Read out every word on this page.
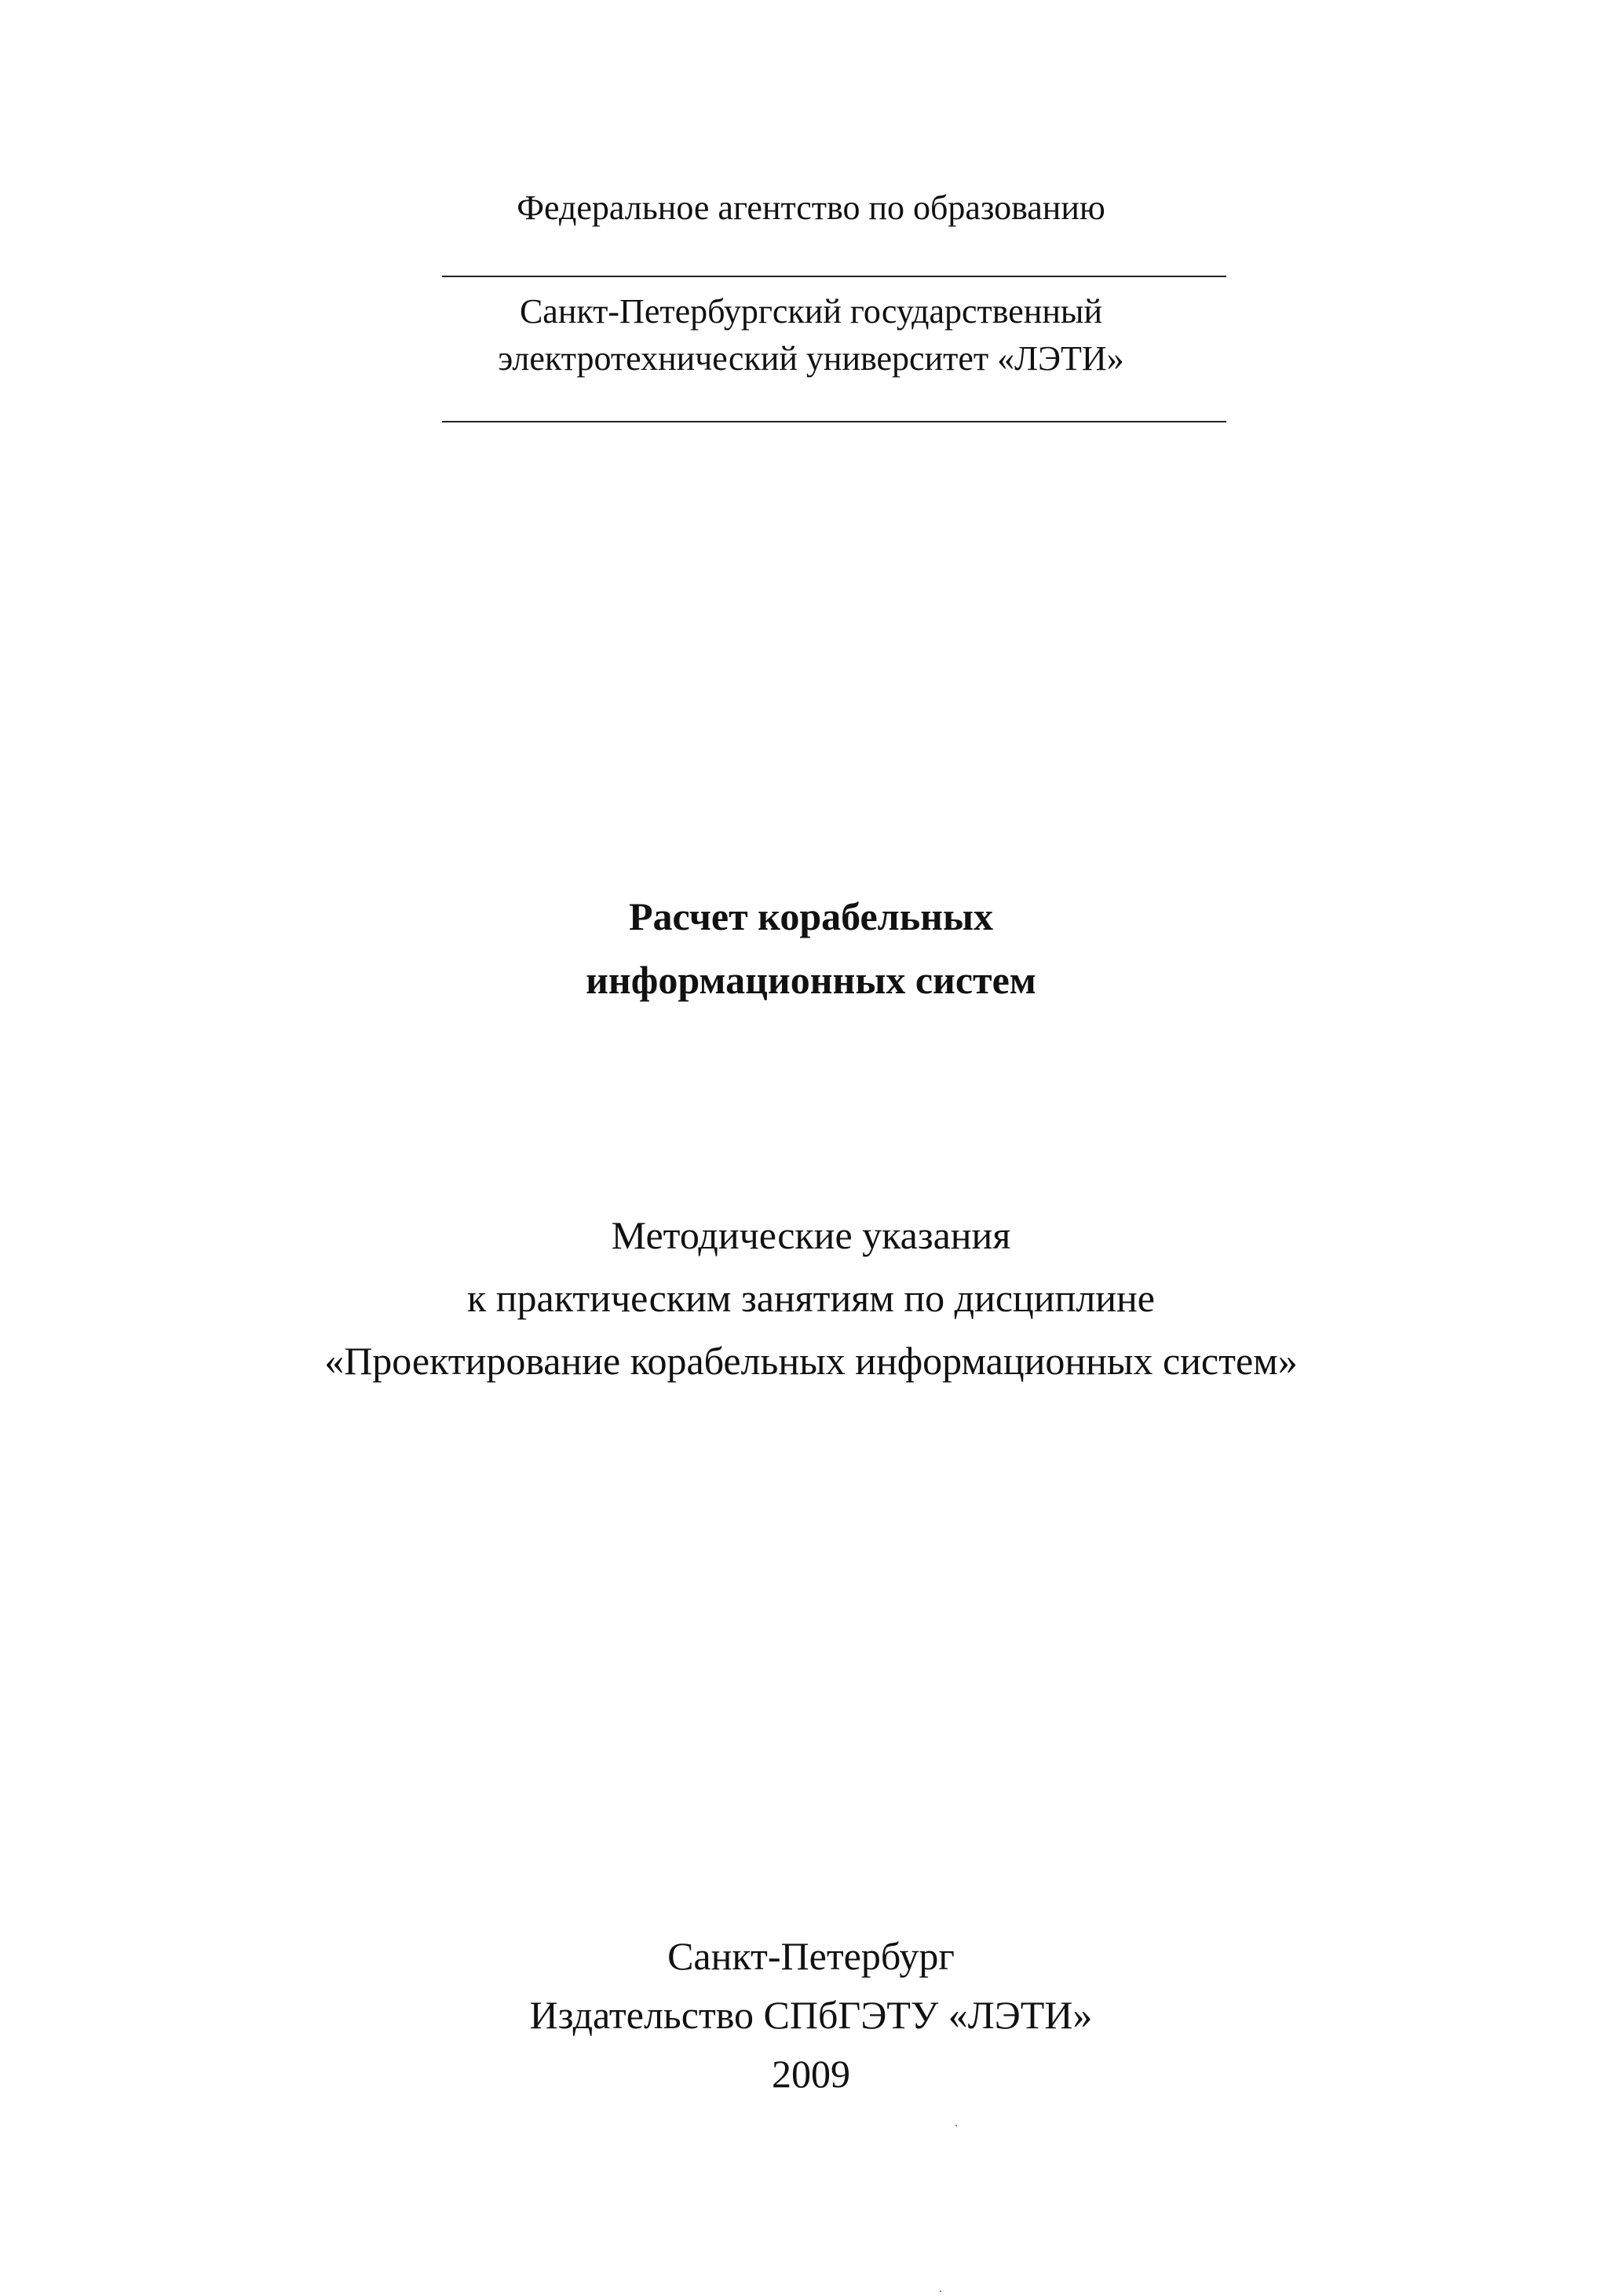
Федеральное агентство по образованию
Санкт-Петербургский государственный
электротехнический университет «ЛЭТИ»
Расчет корабельных
информационных систем
Методические указания
к практическим занятиям по дисциплине
«Проектирование корабельных информационных систем»
Санкт-Петербург
Издательство СПбГЭТУ «ЛЭТИ»
2009
